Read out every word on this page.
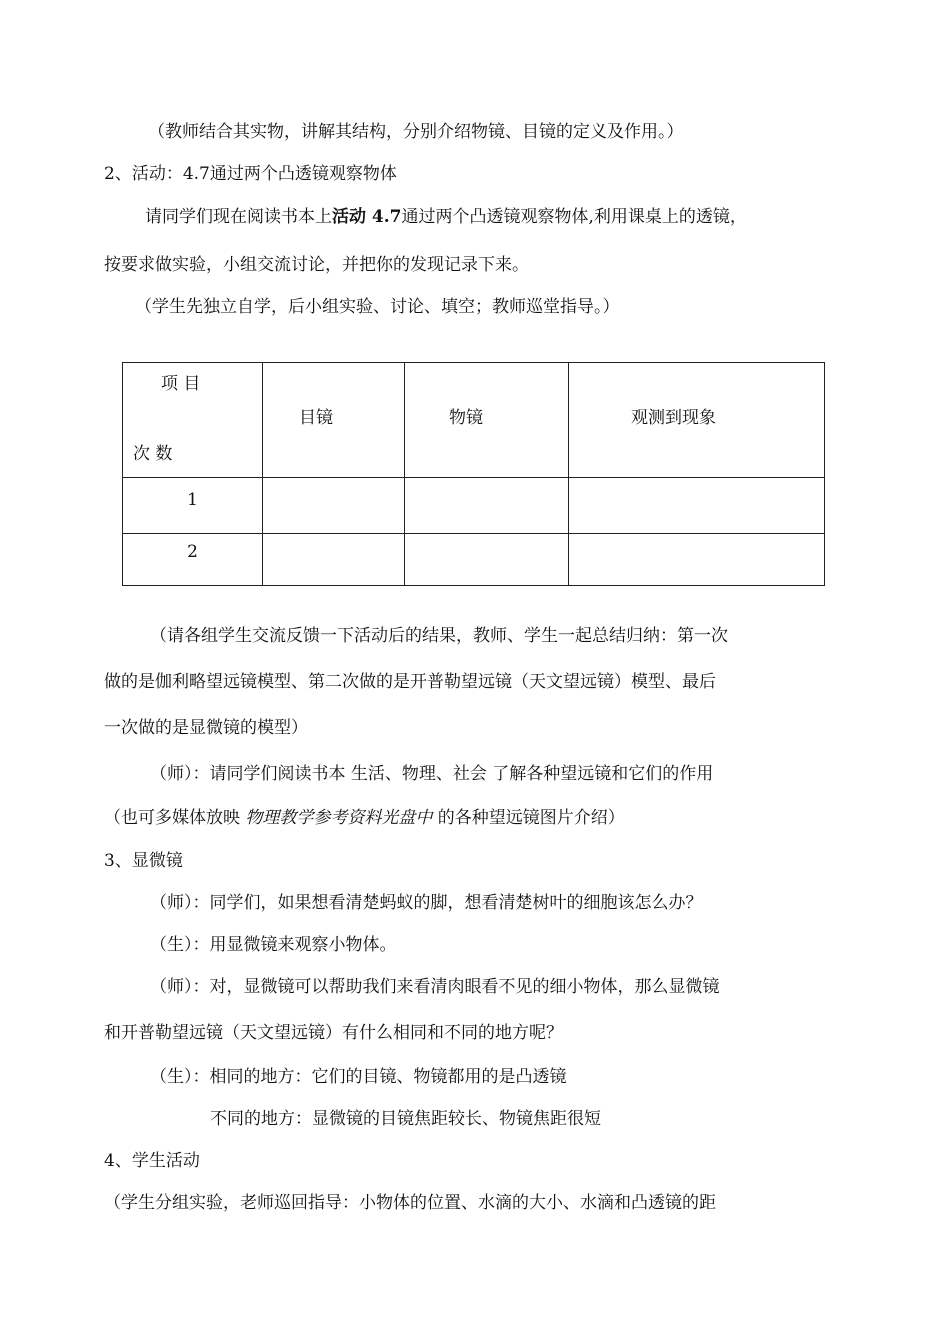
（教师结合其实物，讲解其结构，分别介绍物镜、目镜的定义及作用。）
2、活动：4.7通过两个凸透镜观察物体
请同学们现在阅读书本上活动 4.7通过两个凸透镜观察物体,利用课桌上的透镜，
按要求做实验，小组交流讨论，并把你的发现记录下来。
（学生先独立自学，后小组实验、讨论、填空；教师巡堂指导。）
项 目
次 数	目镜	物镜	观测到现象

1			

2			

（请各组学生交流反馈一下活动后的结果，教师、学生一起总结归纳：第一次
做的是伽利略望远镜模型、第二次做的是开普勒望远镜（天文望远镜）模型、最后
一次做的是显微镜的模型）
（师）：请同学们阅读书本 生活、物理、社会 了解各种望远镜和它们的作用
（也可多媒体放映 物理教学参考资料光盘中 的各种望远镜图片介绍）
3、显微镜
（师）：同学们，如果想看清楚蚂蚁的脚，想看清楚树叶的细胞该怎么办？
（生）：用显微镜来观察小物体。
（师）：对，显微镜可以帮助我们来看清肉眼看不见的细小物体，那么显微镜
和开普勒望远镜（天文望远镜）有什么相同和不同的地方呢？
（生）：相同的地方：它们的目镜、物镜都用的是凸透镜
不同的地方：显微镜的目镜焦距较长、物镜焦距很短
4、学生活动
（学生分组实验，老师巡回指导：小物体的位置、水滴的大小、水滴和凸透镜的距
